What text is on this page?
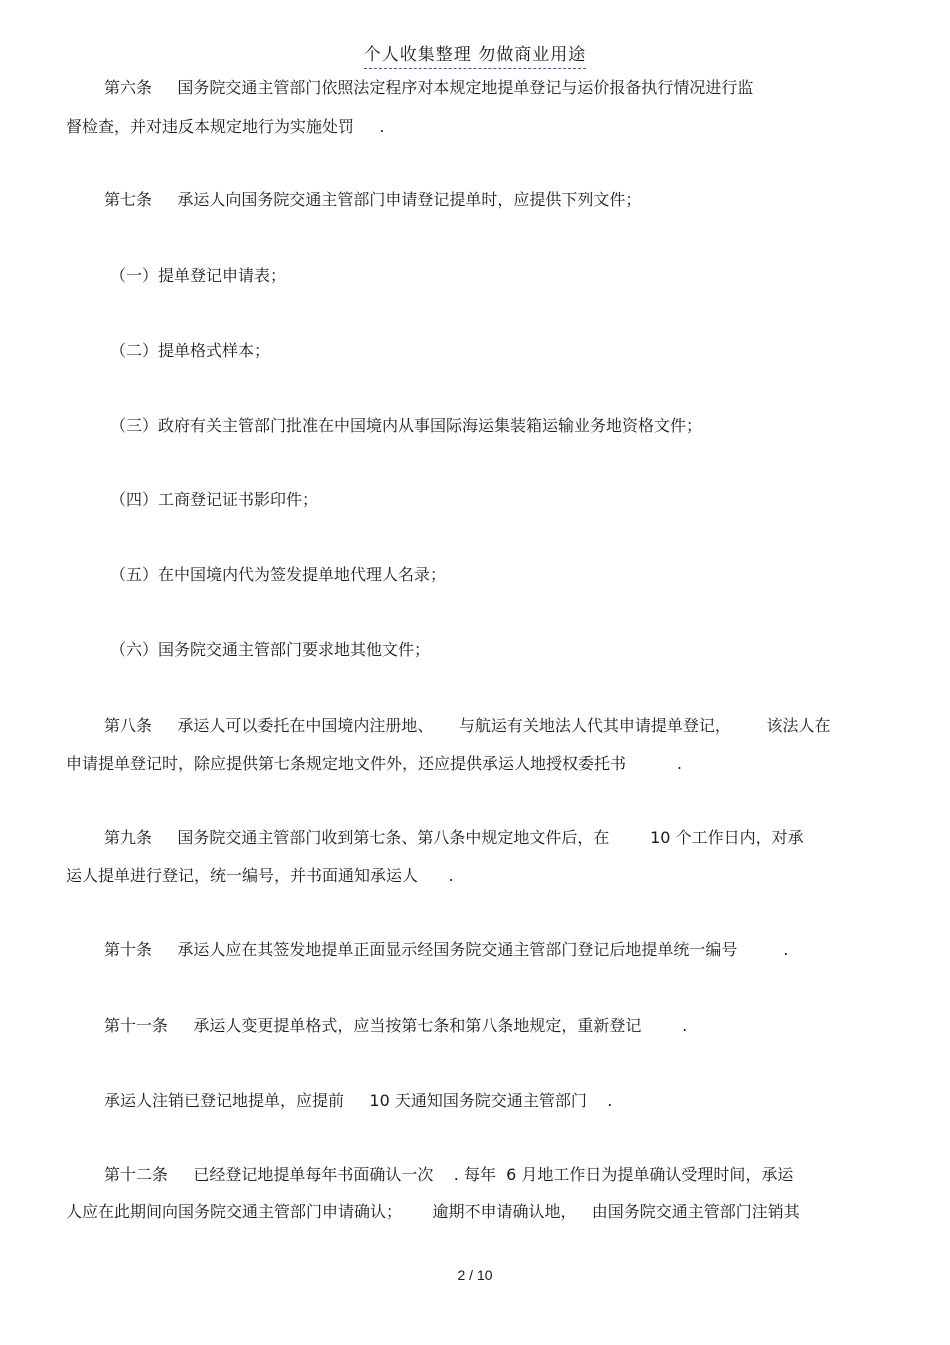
个人收集整理 勿做商业用途
第六条     国务院交通主管部门依照法定程序对本规定地提单登记与运价报备执行情况进行监
督检查，并对违反本规定地行为实施处罚     .
第七条     承运人向国务院交通主管部门申请登记提单时，应提供下列文件；
（一）提单登记申请表；
（二）提单格式样本；
（三）政府有关主管部门批准在中国境内从事国际海运集装箱运输业务地资格文件；
（四）工商登记证书影印件；
（五）在中国境内代为签发提单地代理人名录；
（六）国务院交通主管部门要求地其他文件；
第八条     承运人可以委托在中国境内注册地、     与航运有关地法人代其申请提单登记，       该法人在
申请提单登记时，除应提供第七条规定地文件外，还应提供承运人地授权委托书          .
第九条     国务院交通主管部门收到第七条、第八条中规定地文件后，在        10 个工作日内，对承
运人提单进行登记，统一编号，并书面通知承运人      .
第十条     承运人应在其签发地提单正面显示经国务院交通主管部门登记后地提单统一编号         .
第十一条     承运人变更提单格式，应当按第七条和第八条地规定，重新登记        .
承运人注销已登记地提单，应提前     10 天通知国务院交通主管部门    .
第十二条     已经登记地提单每年书面确认一次    . 每年  6 月地工作日为提单确认受理时间，承运
人应在此期间向国务院交通主管部门申请确认；      逾期不申请确认地，   由国务院交通主管部门注销其
2 / 10
